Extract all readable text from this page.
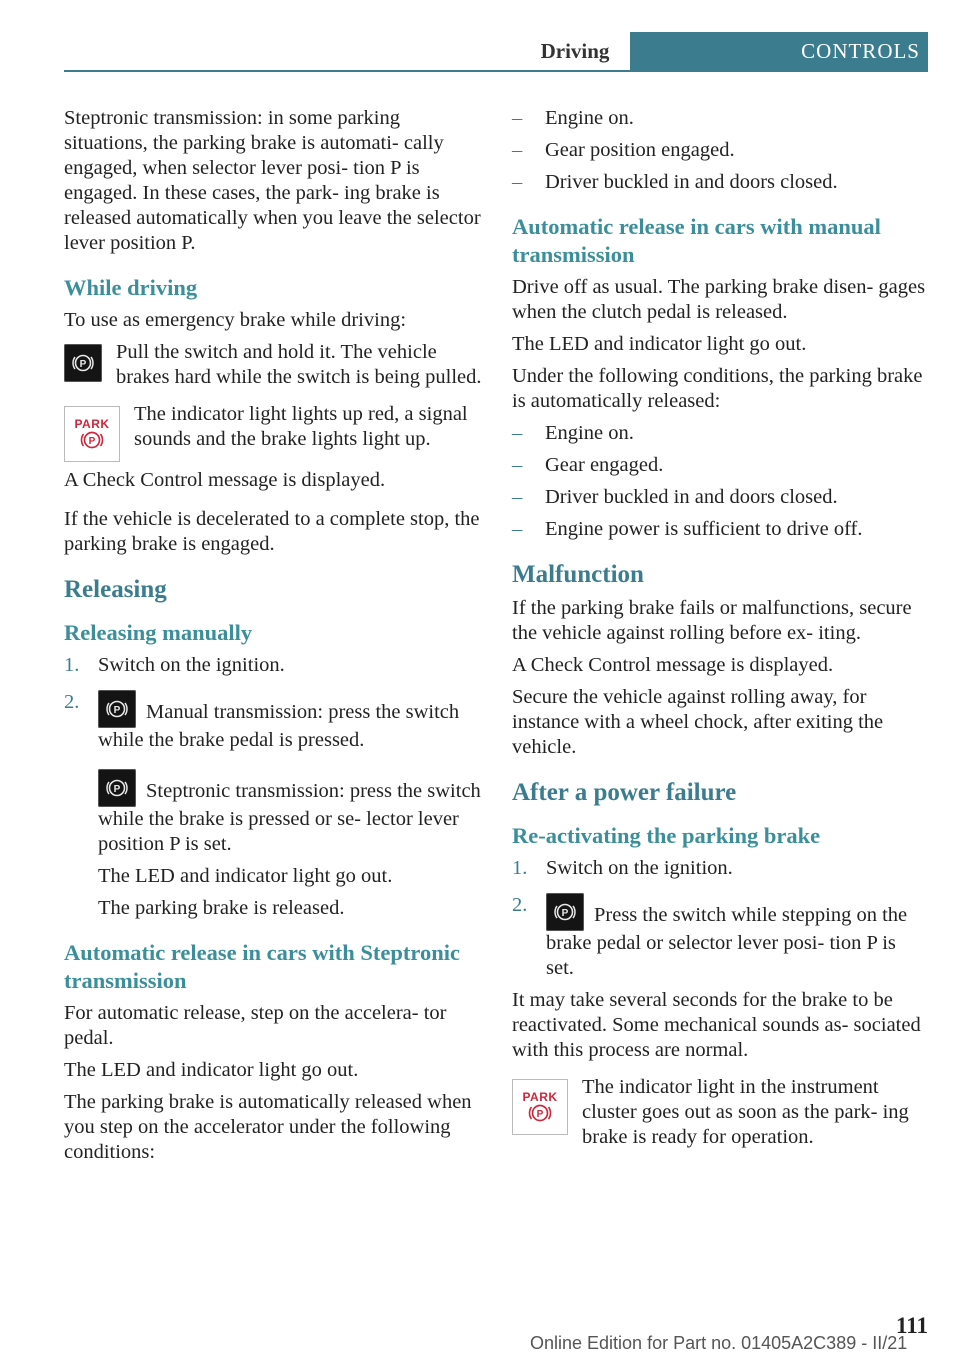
Driving	CONTROLS

Steptronic transmission: in some parking situations, the parking brake is automati‐ cally engaged, when selector lever posi‐ tion P is engaged. In these cases, the park‐ ing brake is released automatically when you leave the selector lever position P.

While driving

To use as emergency brake while driving:

P
Pull the switch and hold it. The vehicle brakes hard while the switch is being pulled.
PARK
P
The indicator light lights up red, a signal sounds and the brake lights light up.

A Check Control message is displayed.

If the vehicle is decelerated to a complete stop, the parking brake is engaged.

Releasing
Releasing manually
1. Switch on the ignition.
2.	P Manual transmission: press the switch while the brake pedal is pressed.
P Steptronic transmission: press the switch while the brake is pressed or se‐ lector lever position P is set.
The LED and indicator light go out.
The parking brake is released.
Automatic release in cars with Steptronic transmission

For automatic release, step on the accelera‐ tor pedal.

The LED and indicator light go out.

The parking brake is automatically released when you step on the accelerator under the following conditions:

– Engine on.
– Gear position engaged.
– Driver buckled in and doors closed.
Automatic release in cars with manual transmission

Drive off as usual. The parking brake disen‐ gages when the clutch pedal is released.

The LED and indicator light go out.

Under the following conditions, the parking brake is automatically released:

– Engine on.
– Gear engaged.
– Driver buckled in and doors closed.
– Engine power is sufficient to drive off.
Malfunction

If the parking brake fails or malfunctions, secure the vehicle against rolling before ex‐ iting.

A Check Control message is displayed.

Secure the vehicle against rolling away, for instance with a wheel chock, after exiting the vehicle.

After a power failure
Re-activating the parking brake
1. Switch on the ignition.
2.	P Press the switch while stepping on the brake pedal or selector lever posi‐ tion P is set.

It may take several seconds for the brake to be reactivated. Some mechanical sounds as‐ sociated with this process are normal.

PARK
P
The indicator light in the instrument cluster goes out as soon as the park‐ ing brake is ready for operation.
111
Online Edition for Part no. 01405A2C389 - II/21
